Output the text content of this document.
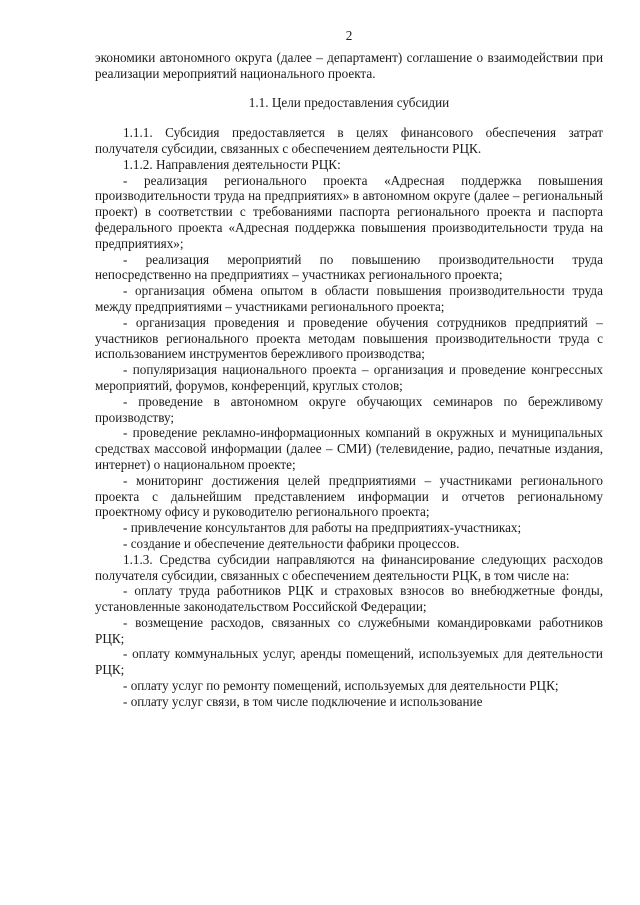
2

экономики автономного округа (далее – департамент) соглашение о взаимодействии при реализации мероприятий национального проекта.

1.1. Цели предоставления субсидии

1.1.1. Субсидия предоставляется в целях финансового обеспечения затрат получателя субсидии, связанных с обеспечением деятельности РЦК.

1.1.2. Направления деятельности РЦК:

- реализация регионального проекта «Адресная поддержка повышения производительности труда на предприятиях» в автономном округе (далее – региональный проект) в соответствии с требованиями паспорта регионального проекта и паспорта федерального проекта «Адресная поддержка повышения производительности труда на предприятиях»;

- реализация мероприятий по повышению производительности труда непосредственно на предприятиях – участниках регионального проекта;

- организация обмена опытом в области повышения производительности труда между предприятиями – участниками регионального проекта;

- организация проведения и проведение обучения сотрудников предприятий – участников регионального проекта методам повышения производительности труда с использованием инструментов бережливого производства;

- популяризация национального проекта – организация и проведение конгрессных мероприятий, форумов, конференций, круглых столов;

- проведение в автономном округе обучающих семинаров по бережливому производству;

- проведение рекламно-информационных компаний в окружных и муниципальных средствах массовой информации (далее – СМИ) (телевидение, радио, печатные издания, интернет) о национальном проекте;

- мониторинг достижения целей предприятиями – участниками регионального проекта с дальнейшим представлением информации и отчетов региональному проектному офису и руководителю регионального проекта;

- привлечение консультантов для работы на предприятиях-участниках;

- создание и обеспечение деятельности фабрики процессов.

1.1.3. Средства субсидии направляются на финансирование следующих расходов получателя субсидии, связанных с обеспечением деятельности РЦК, в том числе на:

- оплату труда работников РЦК и страховых взносов во внебюджетные фонды, установленные законодательством Российской Федерации;

- возмещение расходов, связанных со служебными командировками работников РЦК;

- оплату коммунальных услуг, аренды помещений, используемых для деятельности РЦК;

- оплату услуг по ремонту помещений, используемых для деятельности РЦК;

- оплату услуг связи, в том числе подключение и использование
